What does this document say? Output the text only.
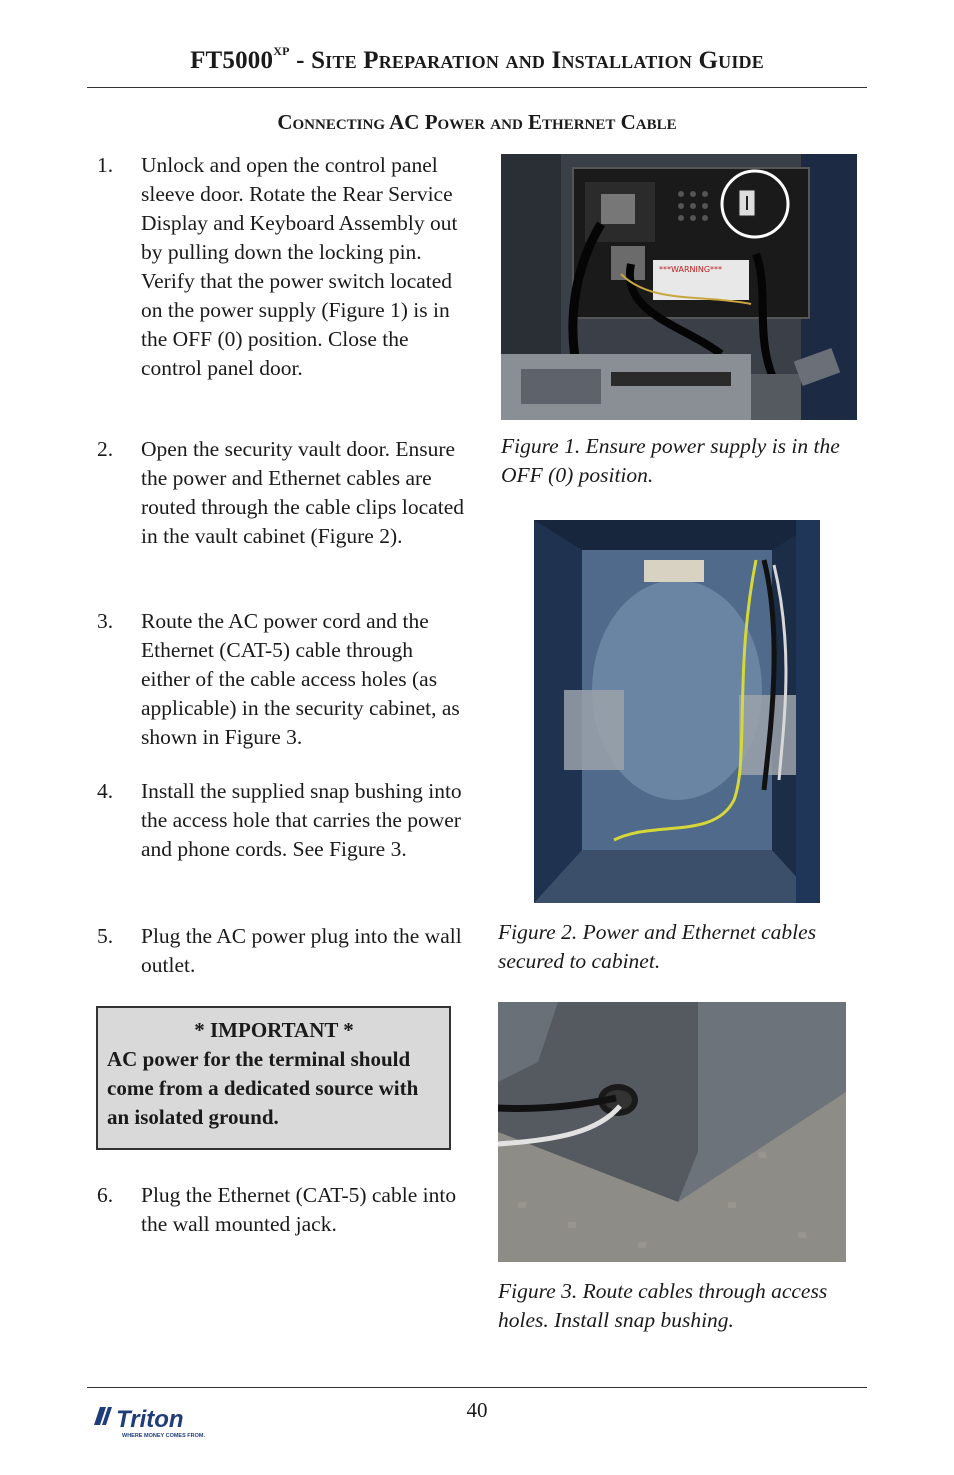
$FT5000^{XP}$ - Site Preparation and Installation Guide
Connecting AC Power and Ethernet Cable
1. Unlock and open the control panel sleeve door. Rotate the Rear Service Display and Keyboard Assembly out by pulling down the locking pin. Verify that the power switch located on the power supply (Figure 1) is in the OFF (0) position. Close the control panel door.
2. Open the security vault door. Ensure the power and Ethernet cables are routed through the cable clips located in the vault cabinet (Figure 2).
3. Route the AC power cord and the Ethernet (CAT-5) cable through either of the cable access holes (as applicable) in the security cabinet, as shown in Figure 3.
4. Install the supplied snap bushing into the access hole that carries the power and phone cords. See Figure 3.
5. Plug the AC power plug into the wall outlet.
* IMPORTANT *
AC power for the terminal should come from a dedicated source with an isolated ground.
6. Plug the Ethernet (CAT-5) cable into the wall mounted jack.
***WARNING***
Figure 1. Ensure power supply is in the OFF (0) position.
Figure 2. Power and Ethernet cables secured to cabinet.
Figure 3. Route cables through access holes. Install snap bushing.
40
Triton
WHERE MONEY COMES FROM.
